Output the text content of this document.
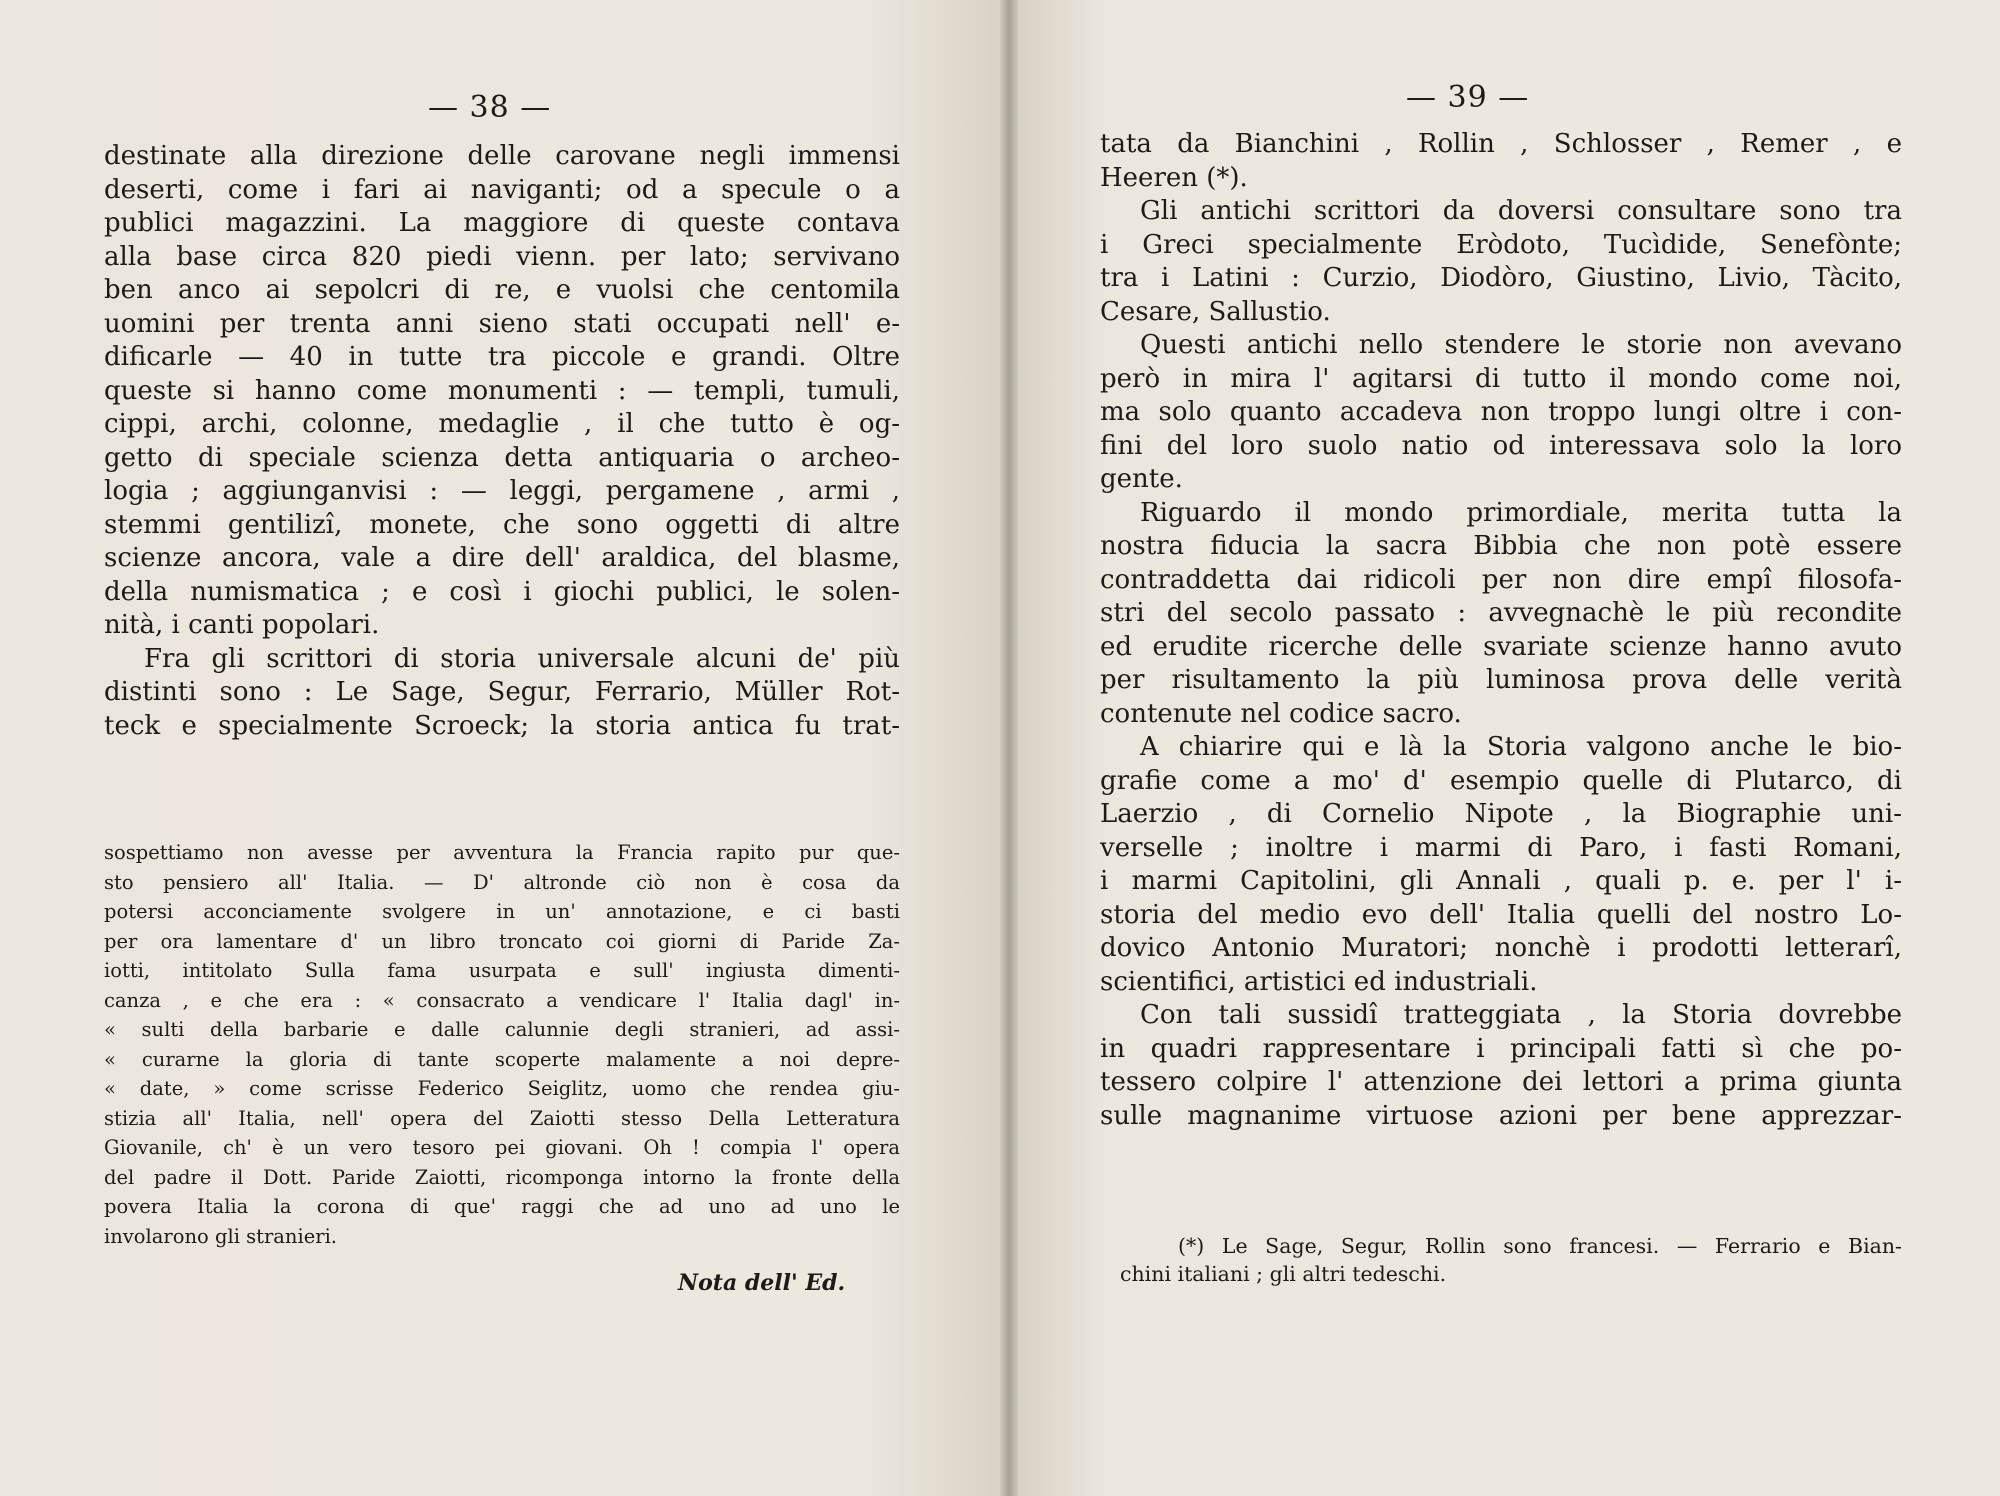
— 38 —
destinate alla direzione delle carovane negli immensi
deserti, come i fari ai naviganti; od a specule o a
publici magazzini. La maggiore di queste contava
alla base circa 820 piedi vienn. per lato; servivano
ben anco ai sepolcri di re, e vuolsi che centomila
uomini per trenta anni sieno stati occupati nell' e-
dificarle — 40 in tutte tra piccole e grandi. Oltre
queste si hanno come monumenti : — templi, tumuli,
cippi, archi, colonne, medaglie , il che tutto è og-
getto di speciale scienza detta antiquaria o archeo-
logia ; aggiunganvisi : — leggi, pergamene , armi ,
stemmi gentilizî, monete, che sono oggetti di altre
scienze ancora, vale a dire dell' araldica, del blasme,
della numismatica ; e così i giochi publici, le solen-
nità, i canti popolari.
Fra gli scrittori di storia universale alcuni de' più
distinti sono : Le Sage, Segur, Ferrario, Müller Rot-
teck e specialmente Scroeck; la storia antica fu trat-
sospettiamo non avesse per avventura la Francia rapito pur que-
sto pensiero all' Italia. — D' altronde ciò non è cosa da
potersi acconciamente svolgere in un' annotazione, e ci basti
per ora lamentare d' un libro troncato coi giorni di Paride Za-
iotti, intitolato Sulla fama usurpata e sull' ingiusta dimenti-
canza , e che era : « consacrato a vendicare l' Italia dagl' in-
« sulti della barbarie e dalle calunnie degli stranieri, ad assi-
« curarne la gloria di tante scoperte malamente a noi depre-
« date, » come scrisse Federico Seiglitz, uomo che rendea giu-
stizia all' Italia, nell' opera del Zaiotti stesso Della Letteratura
Giovanile, ch' è un vero tesoro pei giovani. Oh ! compia l' opera
del padre il Dott. Paride Zaiotti, ricomponga intorno la fronte della
povera Italia la corona di que' raggi che ad uno ad uno le
involarono gli stranieri.
Nota dell' Ed.
— 39 —
tata da Bianchini , Rollin , Schlosser , Remer , e
Heeren (*).
Gli antichi scrittori da doversi consultare sono tra
i Greci specialmente Eròdoto, Tucìdide, Senefònte;
tra i Latini : Curzio, Diodòro, Giustino, Livio, Tàcito,
Cesare, Sallustio.
Questi antichi nello stendere le storie non avevano
però in mira l' agitarsi di tutto il mondo come noi,
ma solo quanto accadeva non troppo lungi oltre i con-
fini del loro suolo natio od interessava solo la loro
gente.
Riguardo il mondo primordiale, merita tutta la
nostra fiducia la sacra Bibbia che non potè essere
contraddetta dai ridicoli per non dire empî filosofa-
stri del secolo passato : avvegnachè le più recondite
ed erudite ricerche delle svariate scienze hanno avuto
per risultamento la più luminosa prova delle verità
contenute nel codice sacro.
A chiarire qui e là la Storia valgono anche le bio-
grafie come a mo' d' esempio quelle di Plutarco, di
Laerzio , di Cornelio Nipote , la Biographie uni-
verselle ; inoltre i marmi di Paro, i fasti Romani,
i marmi Capitolini, gli Annali , quali p. e. per l' i-
storia del medio evo dell' Italia quelli del nostro Lo-
dovico Antonio Muratori; nonchè i prodotti letterarî,
scientifici, artistici ed industriali.
Con tali sussidî tratteggiata , la Storia dovrebbe
in quadri rappresentare i principali fatti sì che po-
tessero colpire l' attenzione dei lettori a prima giunta
sulle magnanime virtuose azioni per bene apprezzar-
(*) Le Sage, Segur, Rollin sono francesi. — Ferrario e Bian-
chini italiani ; gli altri tedeschi.
